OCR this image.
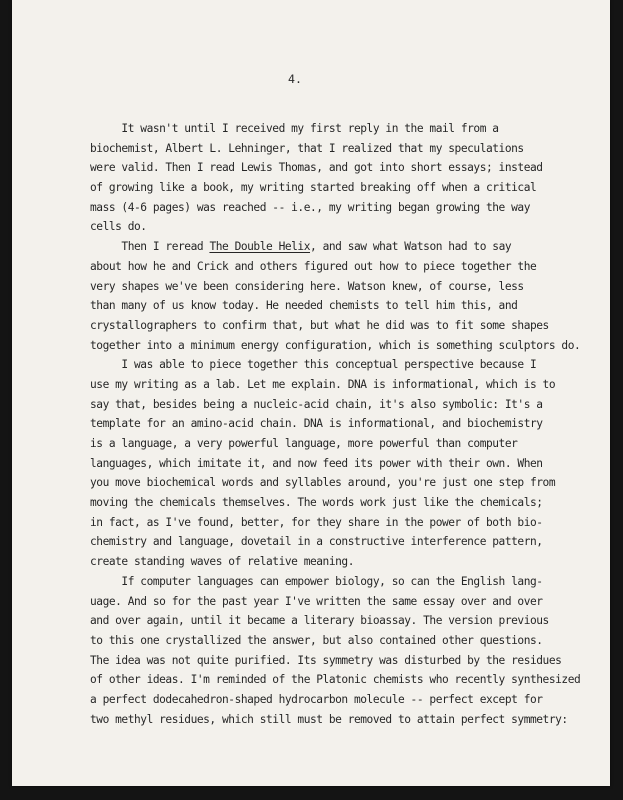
4.
It wasn't until I received my first reply in the mail from a
biochemist, Albert L. Lehninger, that I realized that my speculations
were valid. Then I read Lewis Thomas, and got into short essays; instead
of growing like a book, my writing started breaking off when a critical
mass (4-6 pages) was reached -- i.e., my writing began growing the way
cells do.
Then I reread The Double Helix, and saw what Watson had to say
about how he and Crick and others figured out how to piece together the
very shapes we've been considering here. Watson knew, of course, less
than many of us know today. He needed chemists to tell him this, and
crystallographers to confirm that, but what he did was to fit some shapes
together into a minimum energy configuration, which is something sculptors do.
I was able to piece together this conceptual perspective because I
use my writing as a lab. Let me explain. DNA is informational, which is to
say that, besides being a nucleic-acid chain, it's also symbolic: It's a
template for an amino-acid chain. DNA is informational, and biochemistry
is a language, a very powerful language, more powerful than computer
languages, which imitate it, and now feed its power with their own. When
you move biochemical words and syllables around, you're just one step from
moving the chemicals themselves. The words work just like the chemicals;
in fact, as I've found, better, for they share in the power of both bio-
chemistry and language, dovetail in a constructive interference pattern,
create standing waves of relative meaning.
If computer languages can empower biology, so can the English lang-
uage. And so for the past year I've written the same essay over and over
and over again, until it became a literary bioassay. The version previous
to this one crystallized the answer, but also contained other questions.
The idea was not quite purified. Its symmetry was disturbed by the residues
of other ideas. I'm reminded of the Platonic chemists who recently synthesized
a perfect dodecahedron-shaped hydrocarbon molecule -- perfect except for
two methyl residues, which still must be removed to attain perfect symmetry:
